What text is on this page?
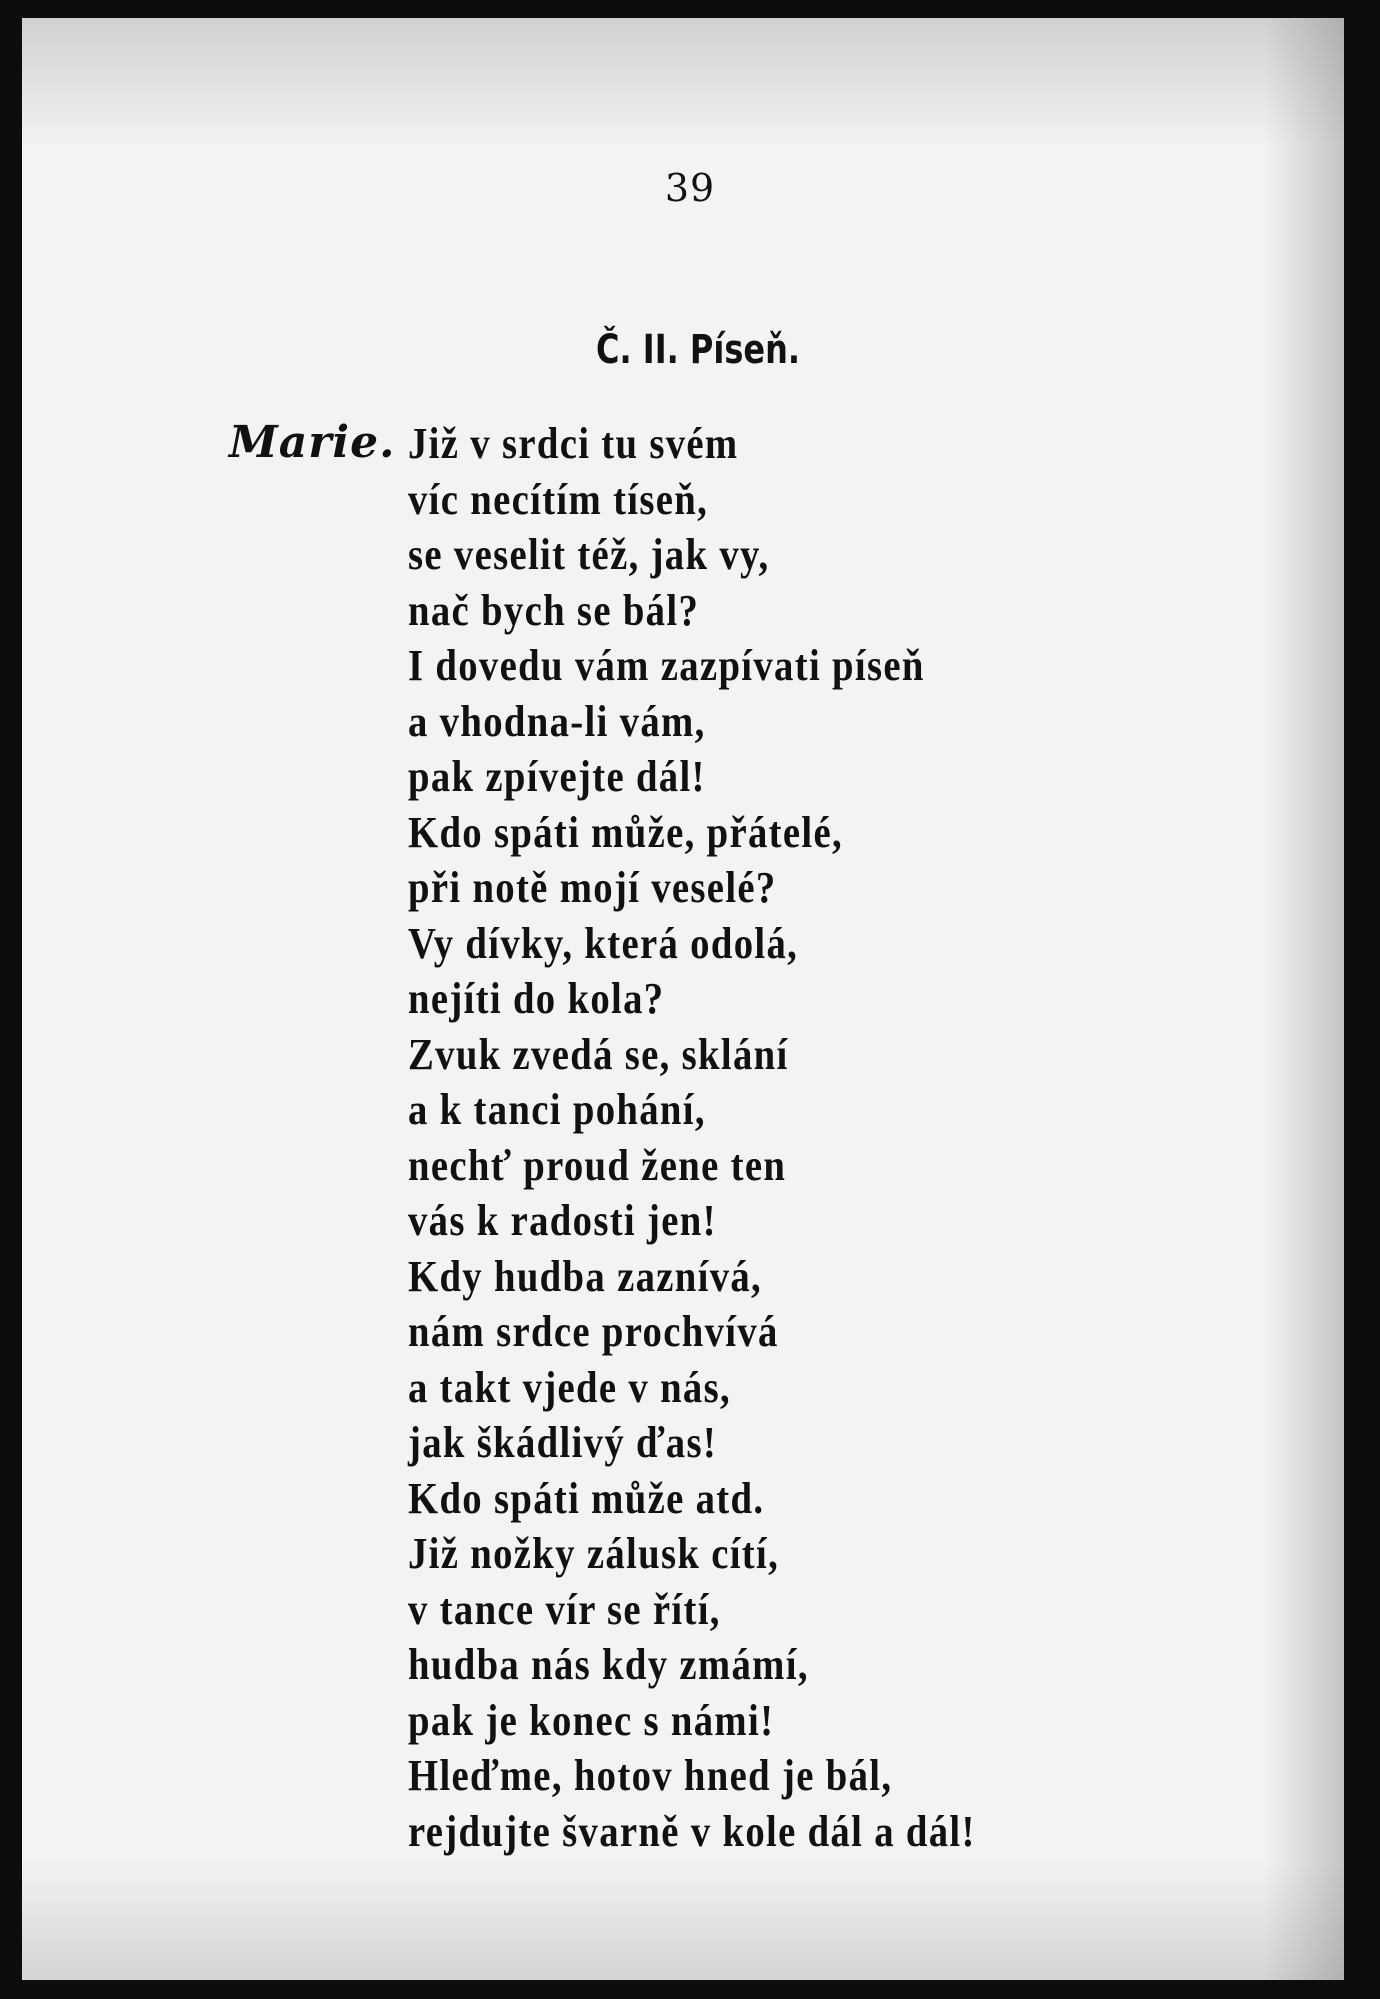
39
Č. II. Píseň.
Marie. Již v srdci tu svém
víc necítím tíseň,
se veselit též, jak vy,
nač bych se bál?
I dovedu vám zazpívati píseň
a vhodna-li vám,
pak zpívejte dál!
Kdo spáti může, přátelé,
při notě mojí veselé?
Vy dívky, která odolá,
nejíti do kola?
Zvuk zvedá se, sklání
a k tanci pohání,
nechť proud žene ten
vás k radosti jen!
Kdy hudba zaznívá,
nám srdce prochvívá
a takt vjede v nás,
jak škádlivý ďas!
Kdo spáti může atd.
Již nožky zálusk cítí,
v tance vír se řítí,
hudba nás kdy zmámí,
pak je konec s námi!
Hleďme, hotov hned je bál,
rejdujte švarně v kole dál a dál!
